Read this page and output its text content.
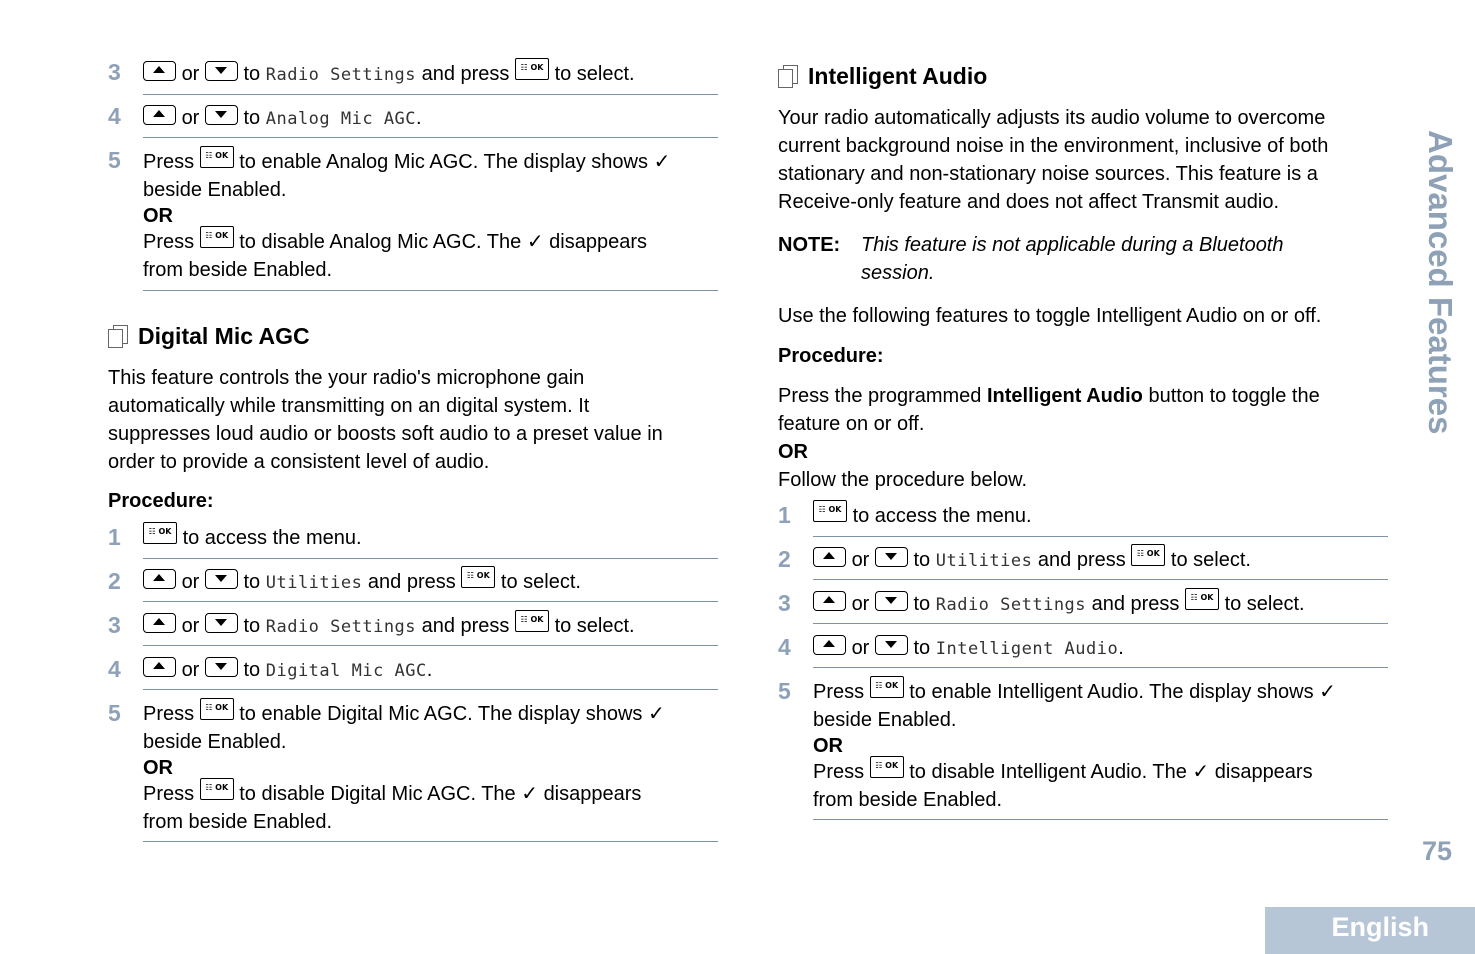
3	or to Radio Settings and press ☷ OK to select.
4	or to Analog Mic AGC.
5 Press ☷ OK to enable Analog Mic AGC. The display shows ✓
beside Enabled.
OR
Press ☷ OK to disable Analog Mic AGC. The ✓ disappears
from beside Enabled.
Digital Mic AGC
This feature controls the your radio's microphone gain
automatically while transmitting on an digital system. It
suppresses loud audio or boosts soft audio to a preset value in
order to provide a consistent level of audio.
Procedure:
1	☷ OK to access the menu.
2	or to Utilities and press ☷ OK to select.
3	or to Radio Settings and press ☷ OK to select.
4	or to Digital Mic AGC.
5 Press ☷ OK to enable Digital Mic AGC. The display shows ✓
beside Enabled.
OR
Press ☷ OK to disable Digital Mic AGC. The ✓ disappears
from beside Enabled.
Intelligent Audio
Your radio automatically adjusts its audio volume to overcome
current background noise in the environment, inclusive of both
stationary and non-stationary noise sources. This feature is a
Receive-only feature and does not affect Transmit audio.
NOTE: This feature is not applicable during a Bluetooth
session.
Use the following features to toggle Intelligent Audio on or off.
Procedure:
Press the programmed Intelligent Audio button to toggle the
feature on or off.
OR
Follow the procedure below.
1	☷ OK to access the menu.
2	or to Utilities and press ☷ OK to select.
3	or to Radio Settings and press ☷ OK to select.
4	or to Intelligent Audio.
5 Press ☷ OK to enable Intelligent Audio. The display shows ✓
beside Enabled.
OR
Press ☷ OK to disable Intelligent Audio. The ✓ disappears
from beside Enabled.
Advanced Features
75
English
